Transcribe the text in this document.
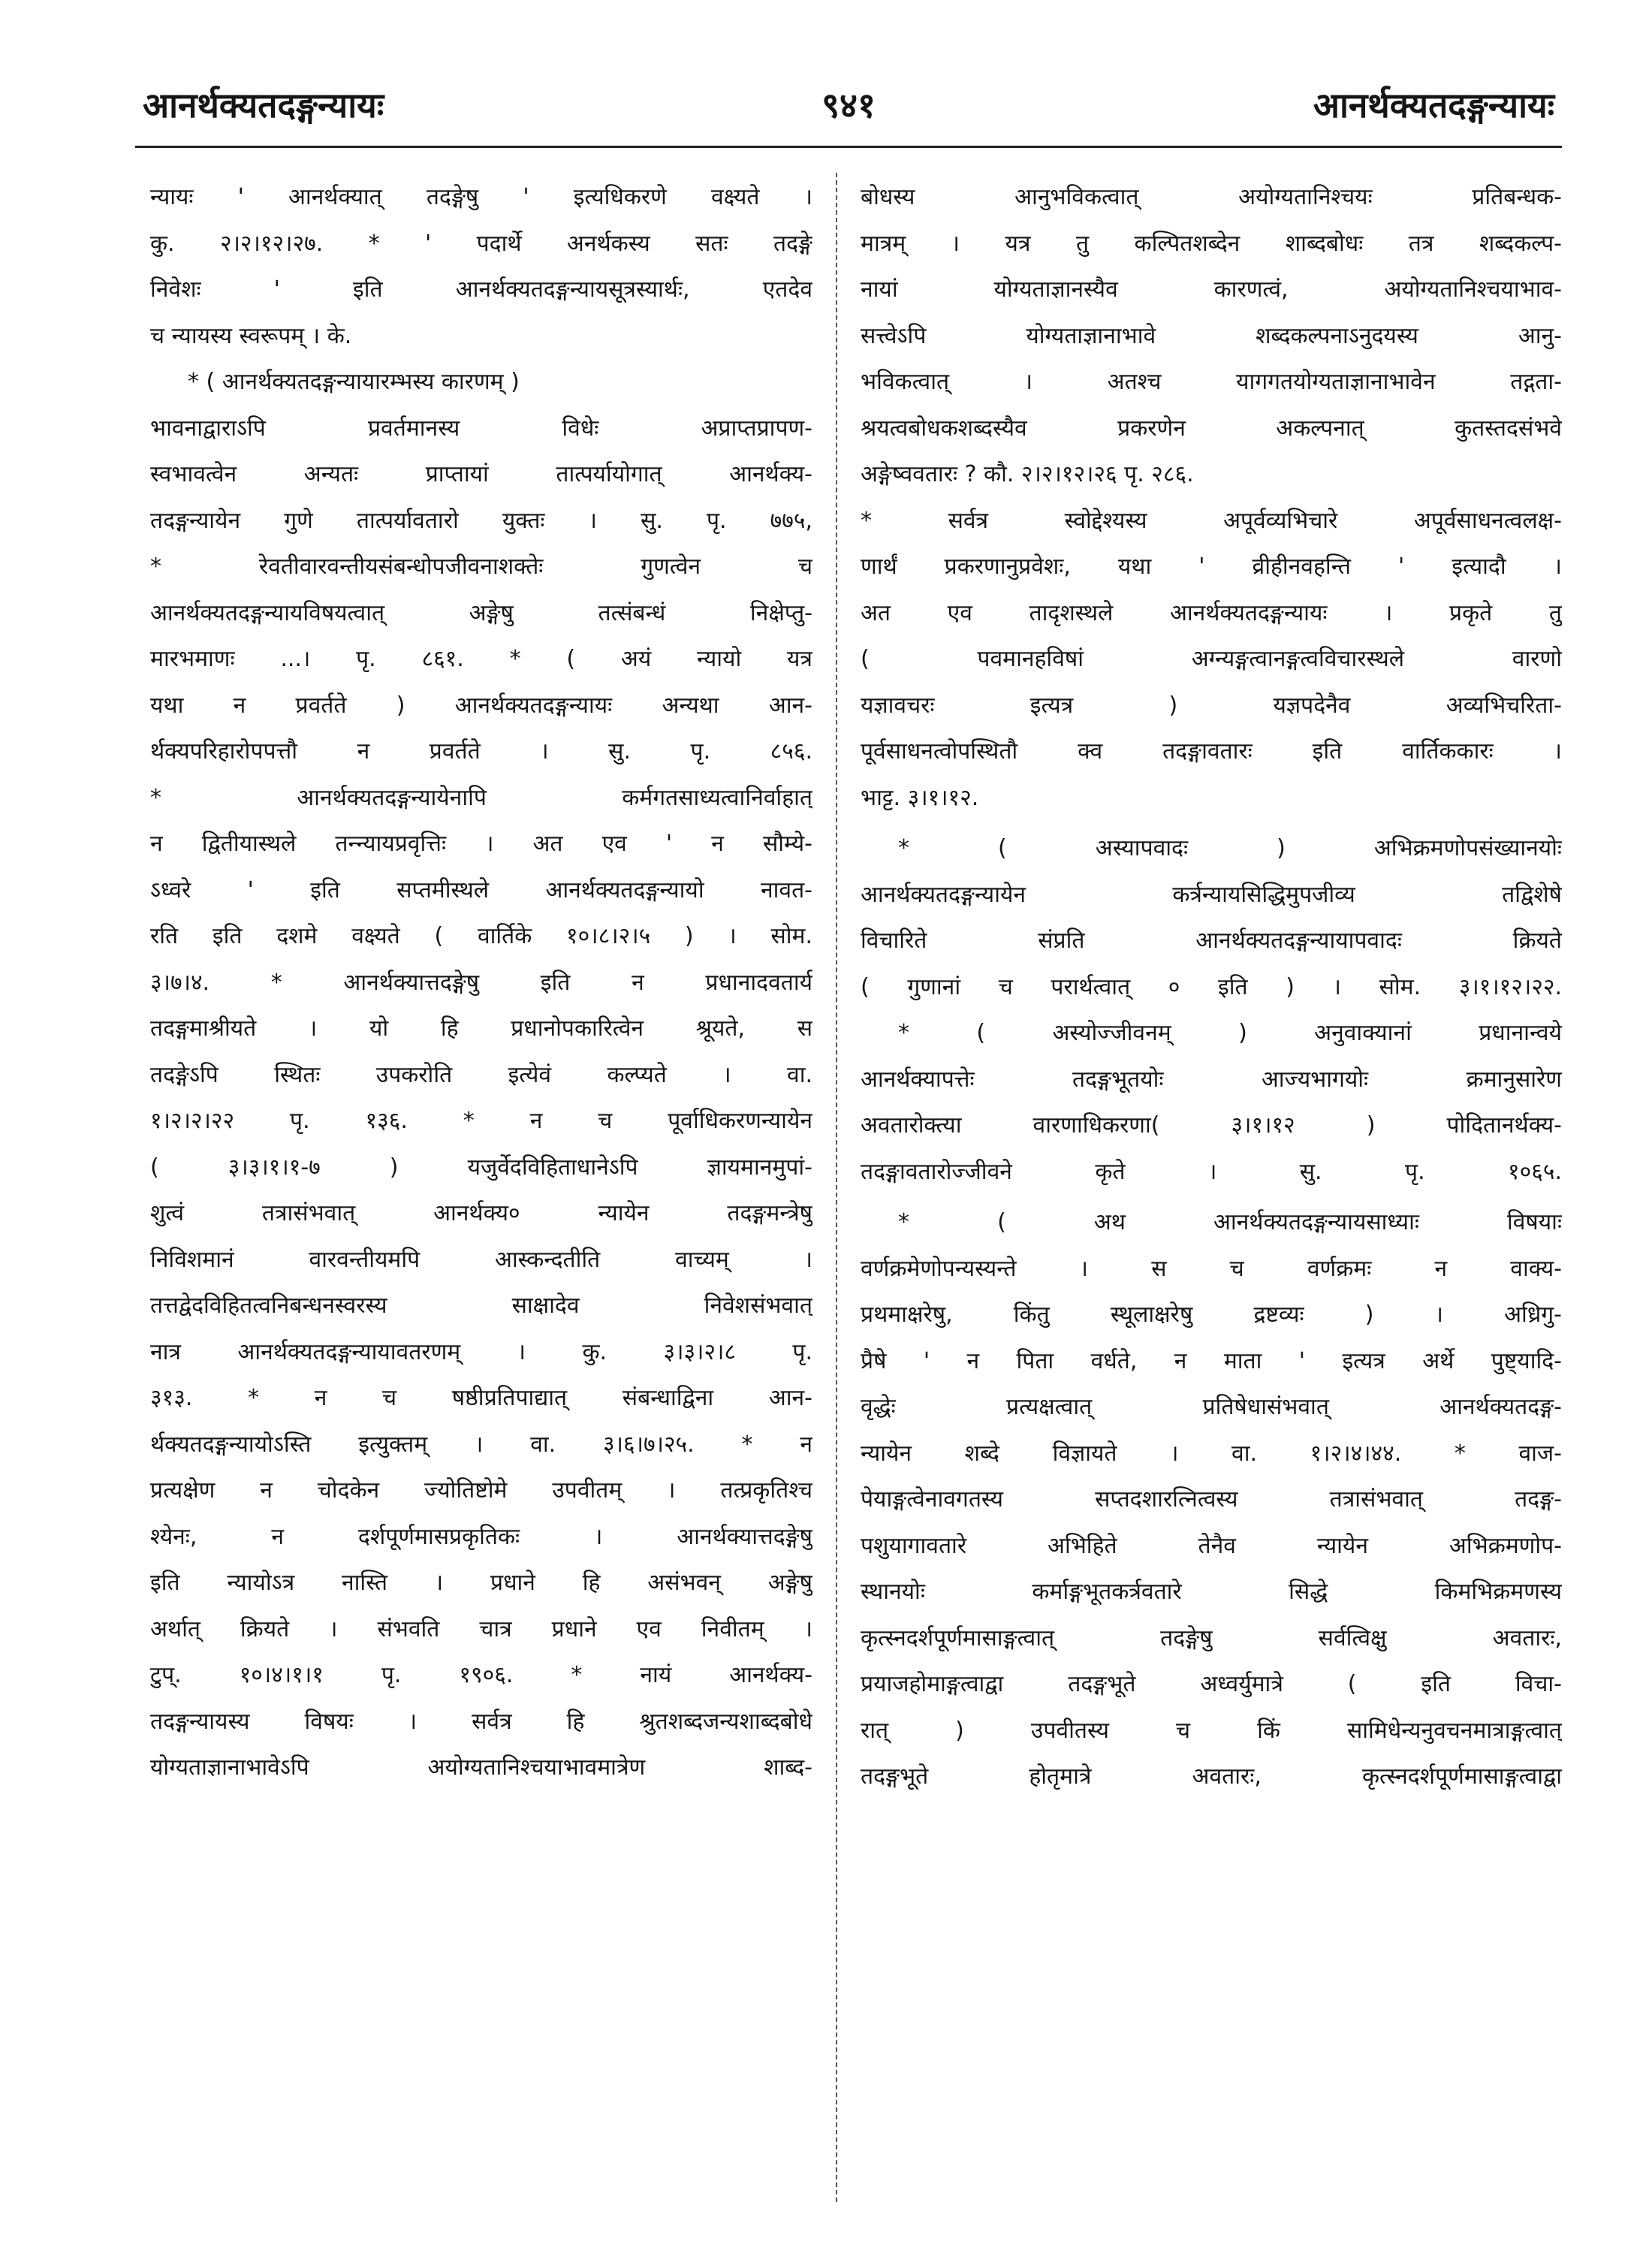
आनर्थक्यतदङ्गन्यायः	९४१	आनर्थक्यतदङ्गन्यायः
न्यायः ' आनर्थक्यात् तदङ्गेषु ' इत्यधिकरणे वक्ष्यते ।
कु. २।२।१२।२७. * ' पदार्थे अनर्थकस्य सतः तदङ्गे
निवेशः ' इति आनर्थक्यतदङ्गन्यायसूत्रस्यार्थः, एतदेव
च न्यायस्य स्वरूपम् । के.
* ( आनर्थक्यतदङ्गन्यायारम्भस्य कारणम् )
भावनाद्वाराऽपि प्रवर्तमानस्य विधेः अप्राप्तप्रापण-
स्वभावत्वेन अन्यतः प्राप्तायां तात्पर्यायोगात् आनर्थक्य-
तदङ्गन्यायेन गुणे तात्पर्यावतारो युक्तः । सु. पृ. ७७५,
* रेवतीवारवन्तीयसंबन्धोपजीवनाशक्तेः गुणत्वेन च
आनर्थक्यतदङ्गन्यायविषयत्वात् अङ्गेषु तत्संबन्धं निक्षेप्तु-
मारभमाणः ...। पृ. ८६१. * ( अयं न्यायो यत्र
यथा न प्रवर्तते ) आनर्थक्यतदङ्गन्यायः अन्यथा आन-
र्थक्यपरिहारोपपत्तौ न प्रवर्तते । सु. पृ. ८५६.
* आनर्थक्यतदङ्गन्यायेनापि कर्मगतसाध्यत्वानिर्वाहात्
न द्वितीयास्थले तन्न्यायप्रवृत्तिः । अत एव ' न सौम्ये-
ऽध्वरे ' इति सप्तमीस्थले आनर्थक्यतदङ्गन्यायो नावत-
रति इति दशमे वक्ष्यते ( वार्तिके १०।८।२।५ ) । सोम.
३।७।४. * आनर्थक्यात्तदङ्गेषु इति न प्रधानादवतार्य
तदङ्गमाश्रीयते । यो हि प्रधानोपकारित्वेन श्रूयते, स
तदङ्गेऽपि स्थितः उपकरोति इत्येवं कल्प्यते । वा.
१।२।२।२२ पृ. १३६. * न च पूर्वाधिकरणन्यायेन
( ३।३।१।१-७ ) यजुर्वेदविहिताधानेऽपि ज्ञायमानमुपां-
शुत्वं तत्रासंभवात् आनर्थक्य० न्यायेन तदङ्गमन्त्रेषु
निविशमानं वारवन्तीयमपि आस्कन्दतीति वाच्यम् ।
तत्तद्वेदविहितत्वनिबन्धनस्वरस्य साक्षादेव निवेशसंभवात्
नात्र आनर्थक्यतदङ्गन्यायावतरणम् । कु. ३।३।२।८ पृ.
३१३. * न च षष्ठीप्रतिपाद्यात् संबन्धाद्विना आन-
र्थक्यतदङ्गन्यायोऽस्ति इत्युक्तम् । वा. ३।६।७।२५. * न
प्रत्यक्षेण न चोदकेन ज्योतिष्टोमे उपवीतम् । तत्प्रकृतिश्च
श्येनः, न दर्शपूर्णमासप्रकृतिकः । आनर्थक्यात्तदङ्गेषु
इति न्यायोऽत्र नास्ति । प्रधाने हि असंभवन् अङ्गेषु
अर्थात् क्रियते । संभवति चात्र प्रधाने एव निवीतम् ।
टुप्. १०।४।१।१ पृ. १९०६. * नायं आनर्थक्य-
तदङ्गन्यायस्य विषयः । सर्वत्र हि श्रुतशब्दजन्यशाब्दबोधे
योग्यताज्ञानाभावेऽपि अयोग्यतानिश्चयाभावमात्रेण शाब्द-
बोधस्य आनुभविकत्वात् अयोग्यतानिश्चयः प्रतिबन्धक-
मात्रम् । यत्र तु कल्पितशब्देन शाब्दबोधः तत्र शब्दकल्प-
नायां योग्यताज्ञानस्यैव कारणत्वं, अयोग्यतानिश्चयाभाव-
सत्त्वेऽपि योग्यताज्ञानाभावे शब्दकल्पनाऽनुदयस्य आनु-
भविकत्वात् । अतश्च यागगतयोग्यताज्ञानाभावेन तद्गता-
श्रयत्वबोधकशब्दस्यैव प्रकरणेन अकल्पनात् कुतस्तदसंभवे
अङ्गेष्ववतारः ? कौ. २।२।१२।२६ पृ. २८६.
* सर्वत्र स्वोद्देश्यस्य अपूर्वव्यभिचारे अपूर्वसाधनत्वलक्ष-
णार्थं प्रकरणानुप्रवेशः, यथा ' व्रीहीनवहन्ति ' इत्यादौ ।
अत एव तादृशस्थले आनर्थक्यतदङ्गन्यायः । प्रकृते तु
( पवमानहविषां अग्न्यङ्गत्वानङ्गत्वविचारस्थले वारणो
यज्ञावचरः इत्यत्र ) यज्ञपदेनैव अव्यभिचरिता-
पूर्वसाधनत्वोपस्थितौ क्व तदङ्गावतारः इति वार्तिककारः ।
भाट्ट. ३।१।१२.
* ( अस्यापवादः ) अभिक्रमणोपसंख्यानयोः
आनर्थक्यतदङ्गन्यायेन कर्त्रन्यायसिद्धिमुपजीव्य तद्विशेषे
विचारिते संप्रति आनर्थक्यतदङ्गन्यायापवादः क्रियते
( गुणानां च परार्थत्वात् ० इति ) । सोम. ३।१।१२।२२.
* ( अस्योज्जीवनम् ) अनुवाक्यानां प्रधानान्वये
आनर्थक्यापत्तेः तदङ्गभूतयोः आज्यभागयोः क्रमानुसारेण
अवतारोक्त्या वारणाधिकरणा( ३।१।१२ ) पोदितानर्थक्य-
तदङ्गावतारोज्जीवने कृते । सु. पृ. १०६५.
* ( अथ आनर्थक्यतदङ्गन्यायसाध्याः विषयाः
वर्णक्रमेणोपन्यस्यन्ते । स च वर्णक्रमः न वाक्य-
प्रथमाक्षरेषु, किंतु स्थूलाक्षरेषु द्रष्टव्यः ) । अध्रिगु-
प्रैषे ' न पिता वर्धते, न माता ' इत्यत्र अर्थे पुष्ट्यादि-
वृद्धेः प्रत्यक्षत्वात् प्रतिषेधासंभवात् आनर्थक्यतदङ्ग-
न्यायेन शब्दे विज्ञायते । वा. १।२।४।४४. * वाज-
पेयाङ्गत्वेनावगतस्य सप्तदशारत्नित्वस्य तत्रासंभवात् तदङ्ग-
पशुयागावतारे अभिहिते तेनैव न्यायेन अभिक्रमणोप-
स्थानयोः कर्माङ्गभूतकर्त्रवतारे सिद्धे किमभिक्रमणस्य
कृत्स्नदर्शपूर्णमासाङ्गत्वात् तदङ्गेषु सर्वत्विक्षु अवतारः,
प्रयाजहोमाङ्गत्वाद्वा तदङ्गभूते अध्वर्युमात्रे ( इति विचा-
रात् ) उपवीतस्य च किं सामिधेन्यनुवचनमात्राङ्गत्वात्
तदङ्गभूते होतृमात्रे अवतारः, कृत्स्नदर्शपूर्णमासाङ्गत्वाद्वा
